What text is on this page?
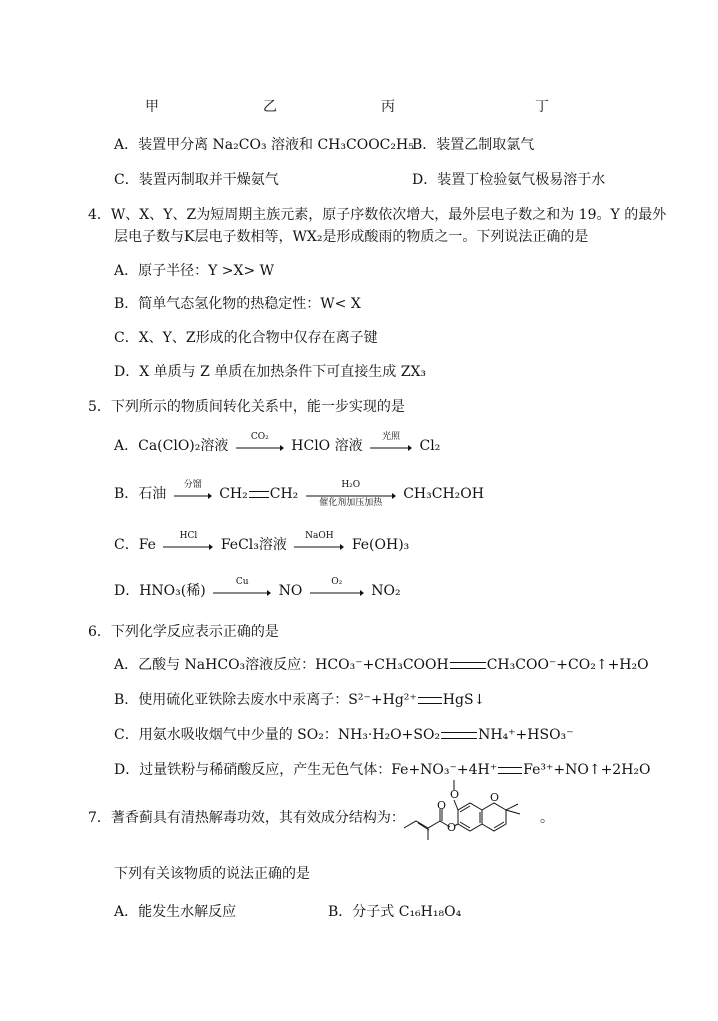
甲	乙	丙	丁
A．装置甲分离 Na₂CO₃ 溶液和 CH₃COOC₂H₅
B．装置乙制取氯气
C．装置丙制取并干燥氨气	D．装置丁检验氨气极易溶于水
4．W、X、Y、Z为短周期主族元素，原子序数依次增大，最外层电子数之和为 19。Y 的最外
层电子数与K层电子数相等，WX₂是形成酸雨的物质之一。下列说法正确的是
A．原子半径：Y >X> W
B．简单气态氢化物的热稳定性：W< X
C．X、Y、Z形成的化合物中仅存在离子键
D．X 单质与 Z 单质在加热条件下可直接生成 ZX₃
5．下列所示的物质间转化关系中，能一步实现的是
A．Ca(ClO)₂溶液
CO₂
HClO 溶液
光照
Cl₂
B．石油
分馏
CH₂ CH₂
H₂O
催化剂加压加热
CH₃CH₂OH
C．Fe
HCl
FeCl₃溶液
NaOH
Fe(OH)₃
D．HNO₃(稀)
Cu
NO
O₂
NO₂
6．下列化学反应表示正确的是
A．乙酸与 NaHCO₃溶液反应：HCO₃⁻+CH₃COOH	CH₃COO⁻+CO₂↑+H₂O
B．使用硫化亚铁除去废水中汞离子：S²⁻+Hg²⁺ HgS↓
C．用氨水吸收烟气中少量的 SO₂：NH₃·H₂O+SO₂	NH₄⁺+HSO₃⁻
D．过量铁粉与稀硝酸反应，产生无色气体：Fe+NO₃⁻+4H⁺ Fe³⁺+NO↑+2H₂O
7．蓍香蓟具有清热解毒功效，其有效成分结构为：
O
O
O	O
。
下列有关该物质的说法正确的是
A．能发生水解反应	B．分子式 C₁₆H₁₈O₄
